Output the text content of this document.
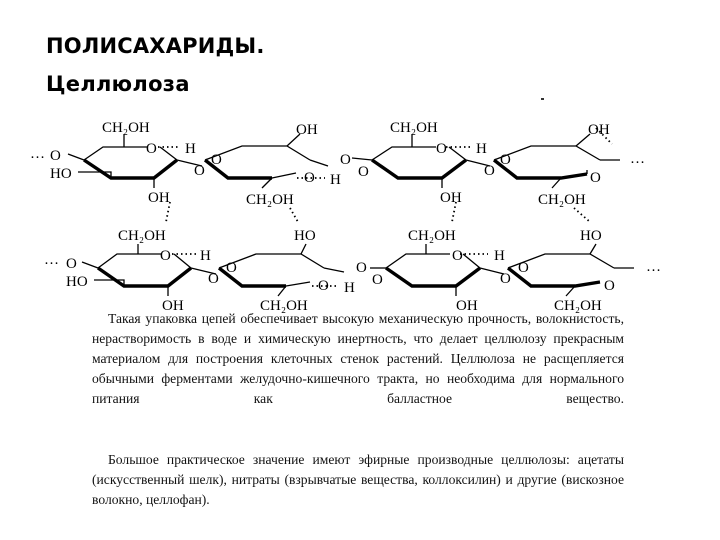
ПОЛИСАХАРИДЫ.
Целлюлоза
CH₂OH
… O
HO
O H
O
OH
O
OH
O
O H O
CH₂OH
CH₂OH
O H
O
O
OH
OH
…
O
CH₂OH
CH₂OH
… O
HO
O H
O
O
OH
HO
O
O H O
CH₂OH
CH₂OH
O H
O
O
OH
HO
…
O
CH₂OH

Такая упаковка цепей обеспечивает высокую механическую прочность, волокнистость, нерастворимость в воде и химическую инертность, что делает целлюлозу прекрасным материалом для построения клеточных стенок растений. Целлюлоза не расщепляется обычными ферментами желудочно-кишечного тракта, но необходима для нормального питания как балластное вещество.

Большое практическое значение имеют эфирные производные целлюлозы: ацетаты (искусственный шелк), нитраты (взрывчатые вещества, коллоксилин) и другие (вискозное волокно, целлофан).
